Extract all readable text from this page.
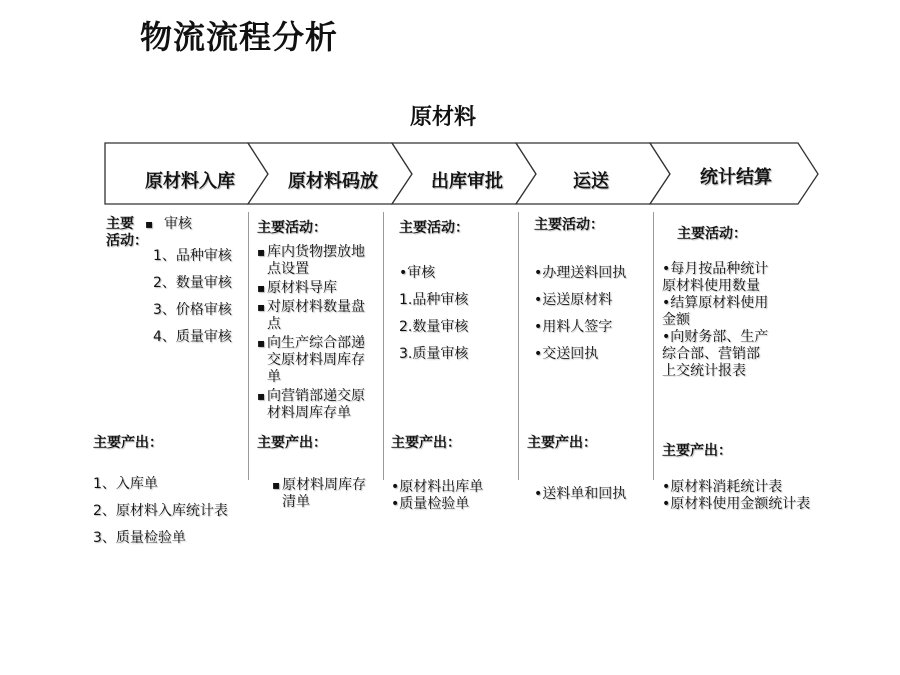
物流流程分析
原材料
原材料入库	原材料码放	出库审批	运送	统计结算
主要
活动：
▪   审核
1、品种审核
2、数量审核
3、价格审核
4、质量审核
主要产出：
1、入库单
2、原材料入库统计表
3、质量检验单
主要活动：
▪ 库内货物摆放地点设置
▪ 原材料导库
▪ 对原材料数量盘点
▪ 向生产综合部递交原材料周库存单
▪ 向营销部递交原材料周库存单
主要产出：
▪ 原材料周库存清单
主要活动：
•审核
1.品种审核
2.数量审核
3.质量审核
主要产出：
•原材料出库单
•质量检验单
主要活动：
•办理送料回执
•运送原材料
•用料人签字
•交送回执
主要产出：
•送料单和回执
主要活动：
•每月按品种统计原材料使用数量
•结算原材料使用金额
•向财务部、生产综合部、营销部上交统计报表
主要产出：
•原材料消耗统计表
•原材料使用金额统计表
